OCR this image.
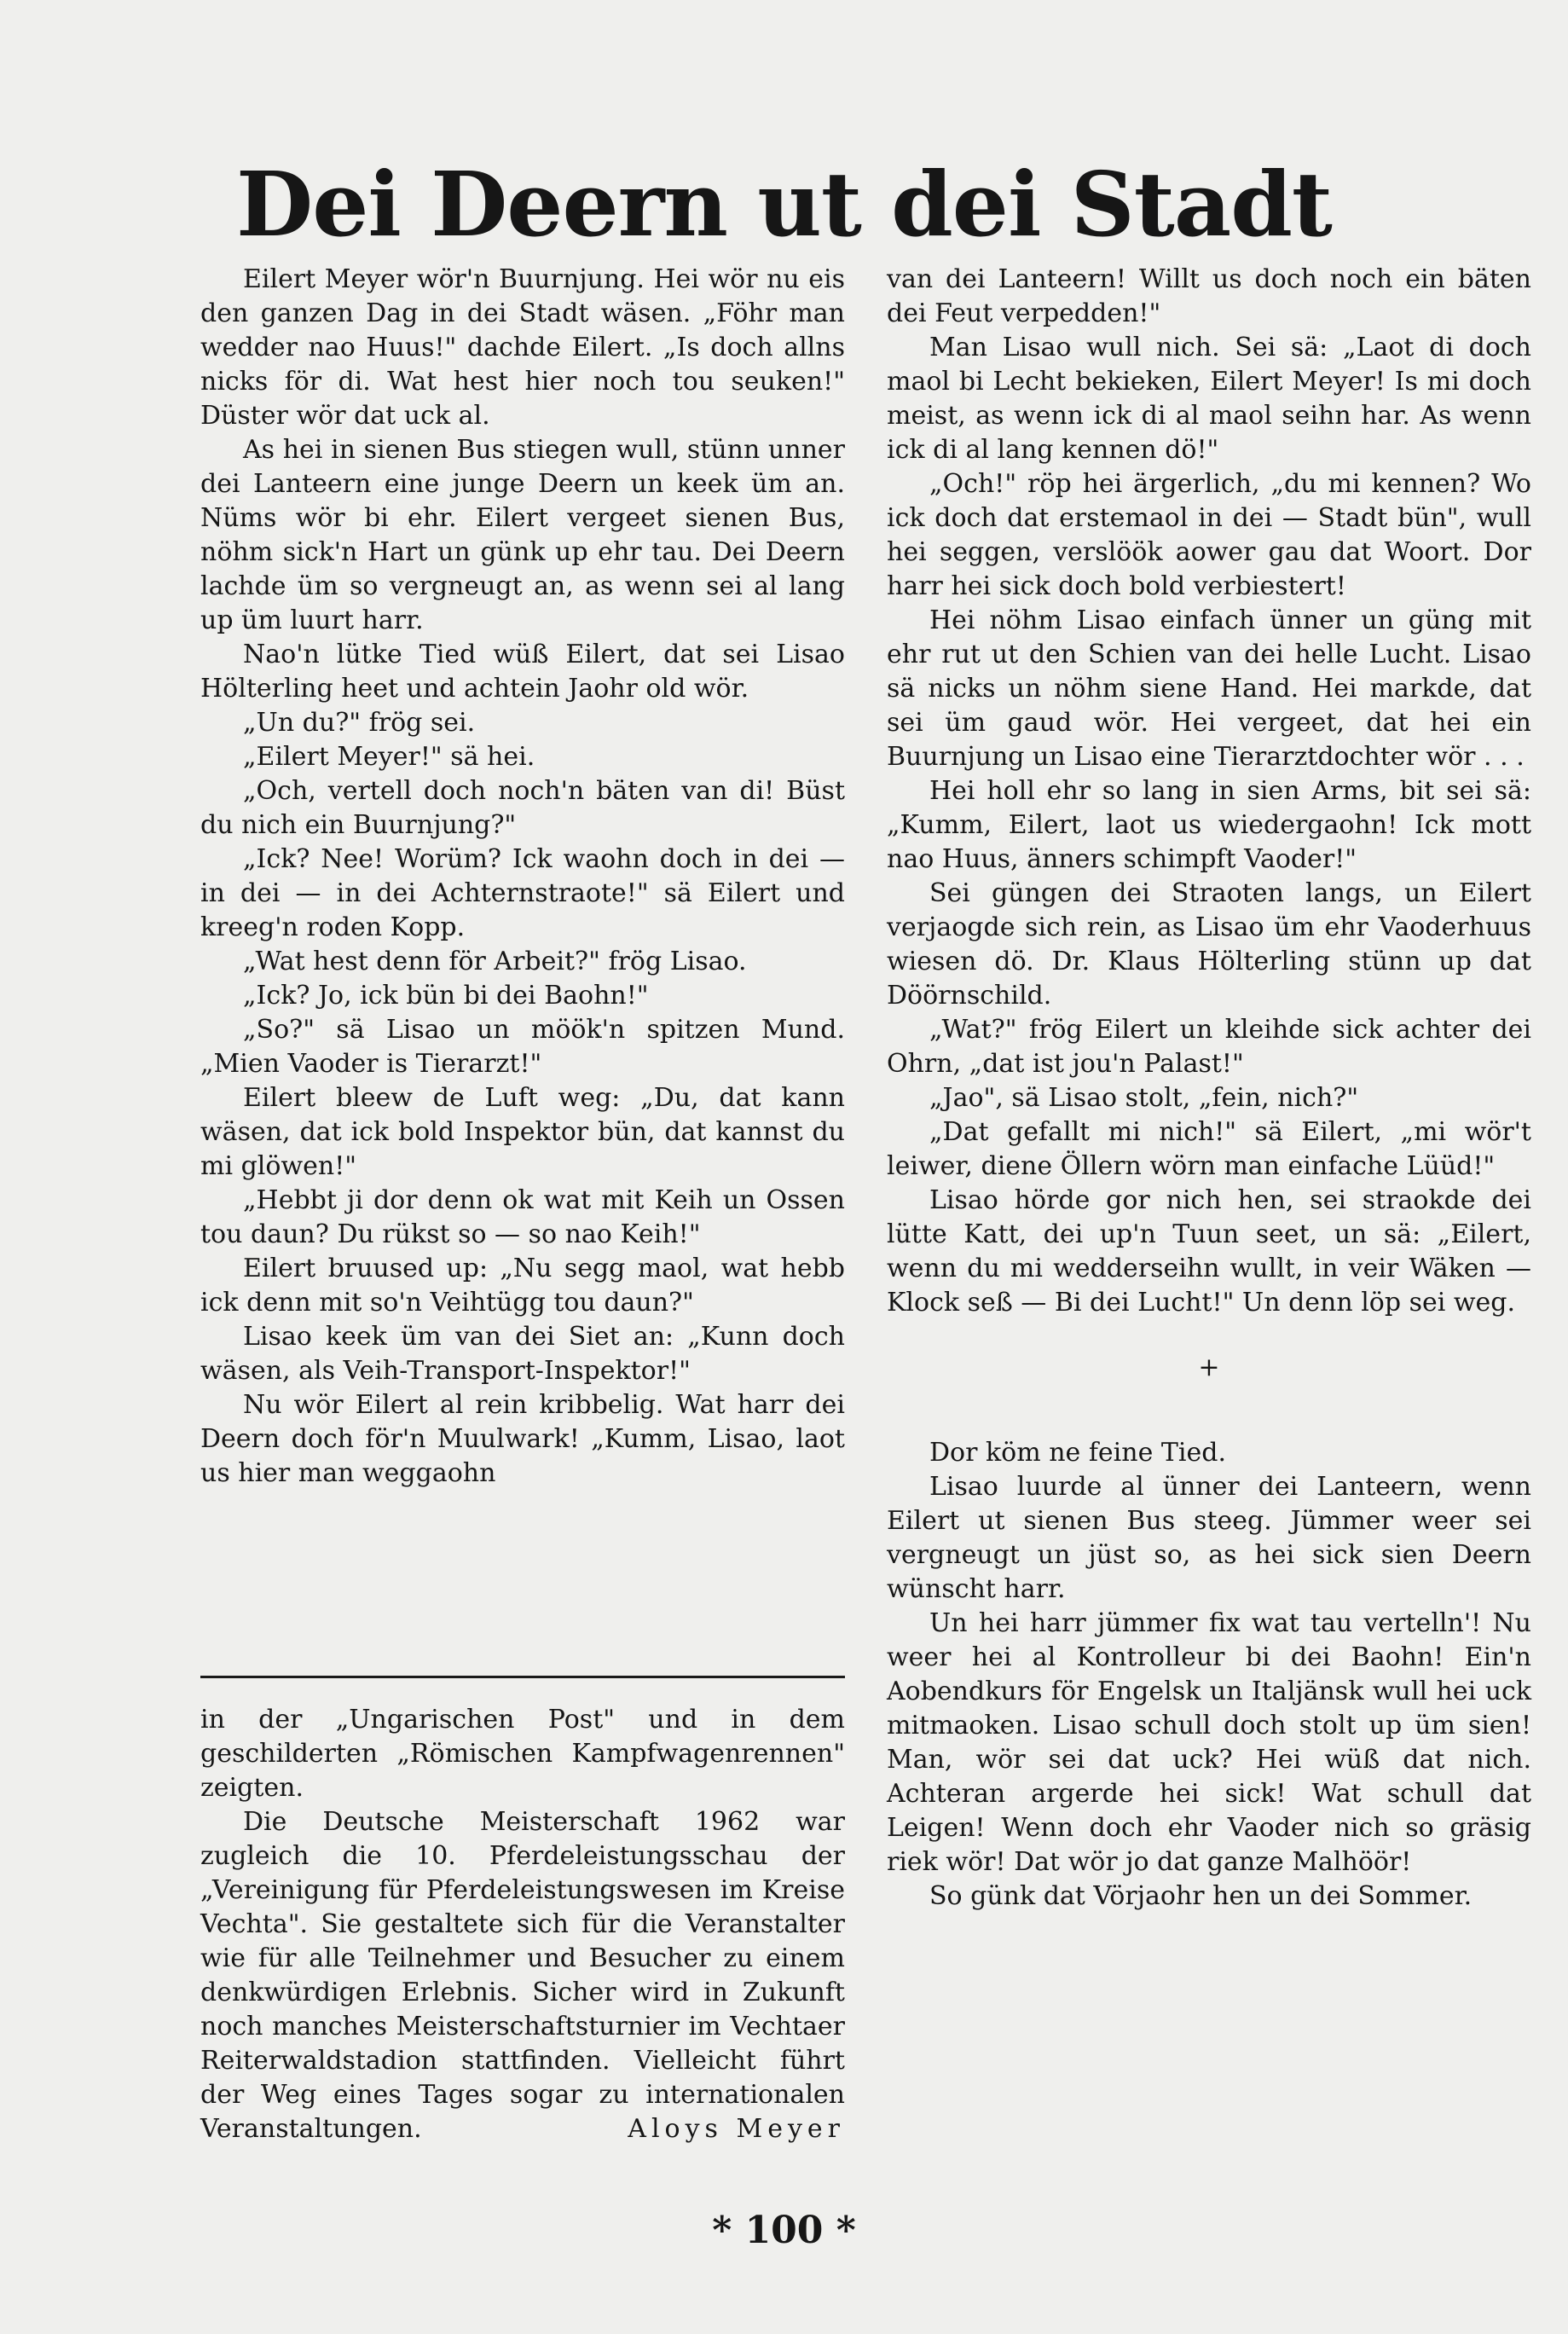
Dei Deern ut dei Stadt

Eilert Meyer wör'n Buurnjung. Hei wör nu eis den ganzen Dag in dei Stadt wäsen. „Föhr man wedder nao Huus!" dachde Eilert. „Is doch allns nicks för di. Wat hest hier noch tou seuken!" Düster wör dat uck al.

As hei in sienen Bus stiegen wull, stünn unner dei Lanteern eine junge Deern un keek üm an. Nüms wör bi ehr. Eilert vergeet sienen Bus, nöhm sick'n Hart un günk up ehr tau. Dei Deern lachde üm so vergneugt an, as wenn sei al lang up üm luurt harr.

Nao'n lütke Tied wüß Eilert, dat sei Lisao Hölterling heet und achtein Jaohr old wör.

„Un du?" frög sei.

„Eilert Meyer!" sä hei.

„Och, vertell doch noch'n bäten van di! Büst du nich ein Buurnjung?"

„Ick? Nee! Worüm? Ick waohn doch in dei — in dei — in dei Achternstraote!" sä Eilert und kreeg'n roden Kopp.

„Wat hest denn för Arbeit?" frög Lisao.

„Ick? Jo, ick bün bi dei Baohn!"

„So?" sä Lisao un möök'n spitzen Mund. „Mien Vaoder is Tierarzt!"

Eilert bleew de Luft weg: „Du, dat kann wäsen, dat ick bold Inspektor bün, dat kannst du mi glöwen!"

„Hebbt ji dor denn ok wat mit Keih un Ossen tou daun? Du rükst so — so nao Keih!"

Eilert bruused up: „Nu segg maol, wat hebb ick denn mit so'n Veihtügg tou daun?"

Lisao keek üm van dei Siet an: „Kunn doch wäsen, als Veih-Transport-Inspektor!"

Nu wör Eilert al rein kribbelig. Wat harr dei Deern doch för'n Muulwark! „Kumm, Lisao, laot us hier man weggaohn

in der „Ungarischen Post" und in dem geschilderten „Römischen Kampfwagenrennen" zeigten.

Die Deutsche Meisterschaft 1962 war zugleich die 10. Pferdeleistungsschau der „Vereinigung für Pferdeleistungswesen im Kreise Vechta". Sie gestaltete sich für die Veranstalter wie für alle Teilnehmer und Besucher zu einem denkwürdigen Erlebnis. Sicher wird in Zukunft noch manches Meisterschaftsturnier im Vechtaer Reiterwaldstadion stattfinden. Vielleicht führt der Weg eines Tages sogar zu internationalen Veranstaltungen.	Aloys Meyer

van dei Lanteern! Willt us doch noch ein bäten dei Feut verpedden!"

Man Lisao wull nich. Sei sä: „Laot di doch maol bi Lecht bekieken, Eilert Meyer! Is mi doch meist, as wenn ick di al maol seihn har. As wenn ick di al lang kennen dö!"

„Och!" röp hei ärgerlich, „du mi kennen? Wo ick doch dat erstemaol in dei — Stadt bün", wull hei seggen, verslöök aower gau dat Woort. Dor harr hei sick doch bold verbiestert!

Hei nöhm Lisao einfach ünner un güng mit ehr rut ut den Schien van dei helle Lucht. Lisao sä nicks un nöhm siene Hand. Hei markde, dat sei üm gaud wör. Hei vergeet, dat hei ein Buurnjung un Lisao eine Tierarztdochter wör . . .

Hei holl ehr so lang in sien Arms, bit sei sä: „Kumm, Eilert, laot us wiedergaohn! Ick mott nao Huus, änners schimpft Vaoder!"

Sei güngen dei Straoten langs, un Eilert verjaogde sich rein, as Lisao üm ehr Vaoderhuus wiesen dö. Dr. Klaus Hölterling stünn up dat Döörnschild.

„Wat?" frög Eilert un kleihde sick achter dei Ohrn, „dat ist jou'n Palast!"

„Jao", sä Lisao stolt, „fein, nich?"

„Dat gefallt mi nich!" sä Eilert, „mi wör't leiwer, diene Öllern wörn man einfache Lüüd!"

Lisao hörde gor nich hen, sei straokde dei lütte Katt, dei up'n Tuun seet, un sä: „Eilert, wenn du mi wedderseihn wullt, in veir Wäken — Klock seß — Bi dei Lucht!" Un denn löp sei weg.

+

Dor köm ne feine Tied.

Lisao luurde al ünner dei Lanteern, wenn Eilert ut sienen Bus steeg. Jümmer weer sei vergneugt un jüst so, as hei sick sien Deern wünscht harr.

Un hei harr jümmer fix wat tau vertelln'! Nu weer hei al Kontrolleur bi dei Baohn! Ein'n Aobendkurs för Engelsk un Italjänsk wull hei uck mitmaoken. Lisao schull doch stolt up üm sien! Man, wör sei dat uck? Hei wüß dat nich. Achteran argerde hei sick! Wat schull dat Leigen! Wenn doch ehr Vaoder nich so gräsig riek wör! Dat wör jo dat ganze Malhöör!

So günk dat Vörjaohr hen un dei Sommer.

* 100 *
